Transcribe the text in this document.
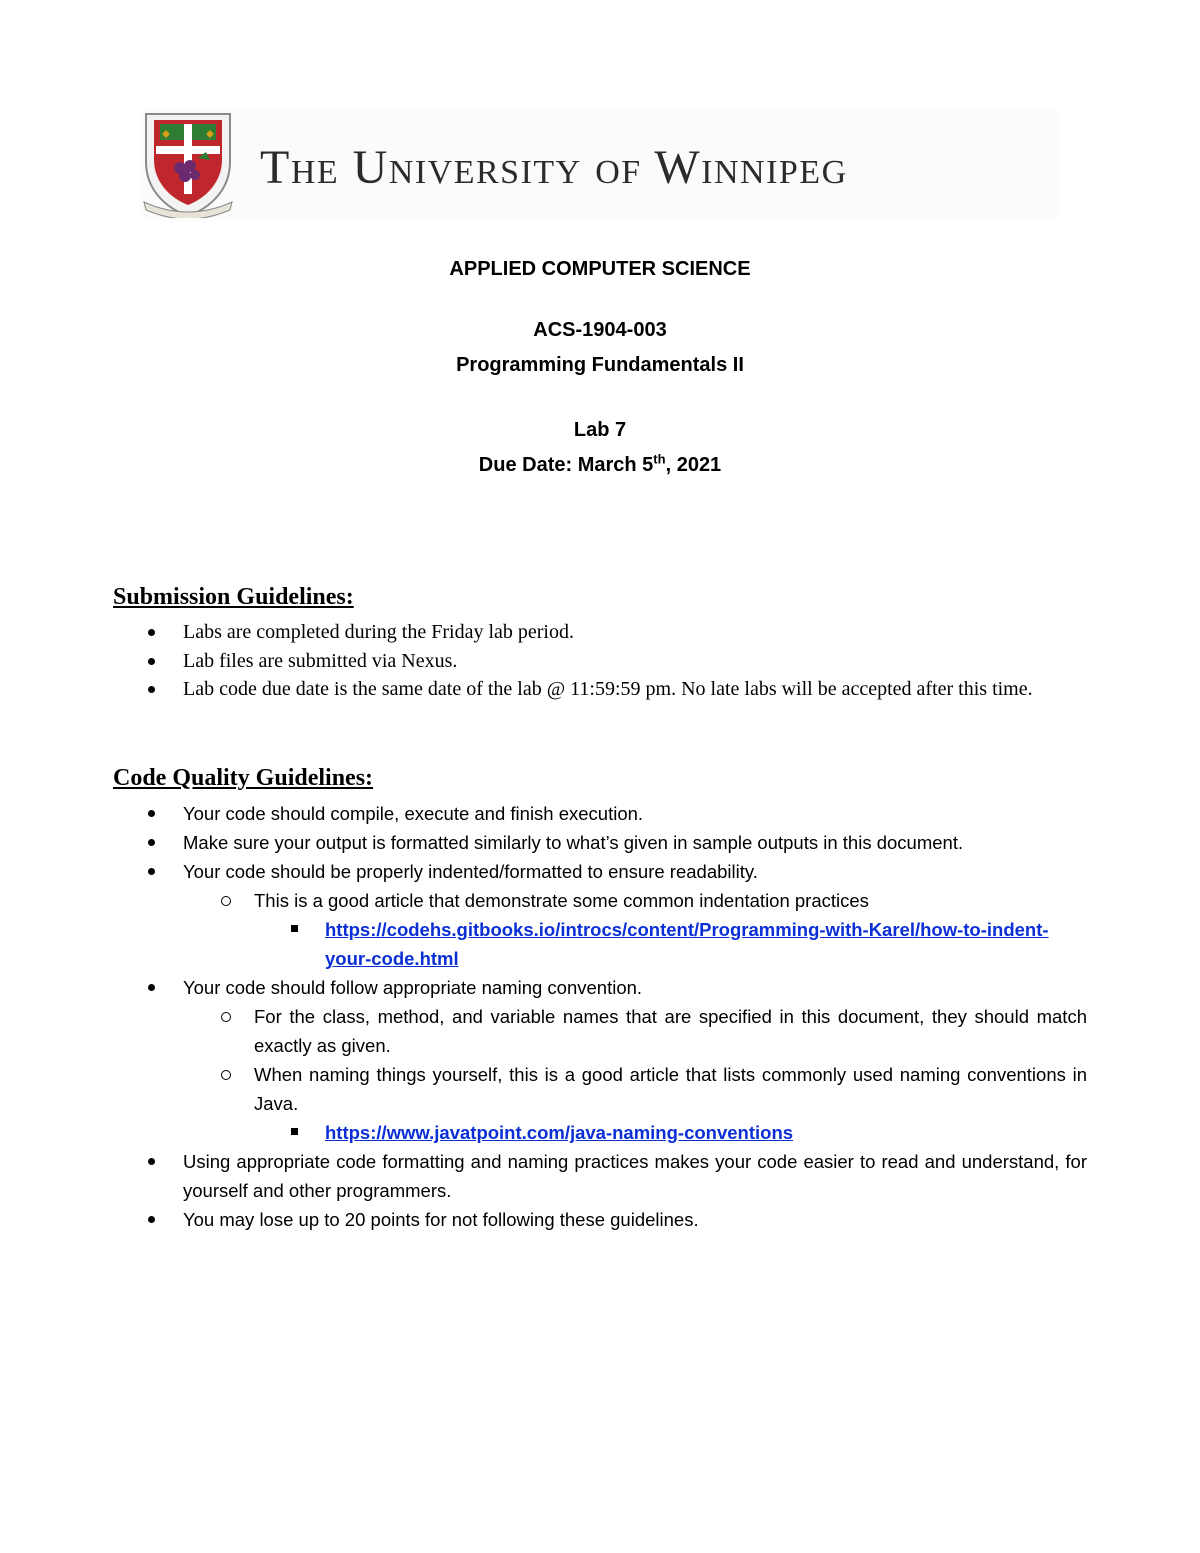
The University of Winnipeg
APPLIED COMPUTER SCIENCE
ACS-1904-003
Programming Fundamentals II
Lab 7
Due Date: March 5th, 2021
Submission Guidelines:
Labs are completed during the Friday lab period.
Lab files are submitted via Nexus.
Lab code due date is the same date of the lab @ 11:59:59 pm. No late labs will be accepted after this time.
Code Quality Guidelines:
Your code should compile, execute and finish execution.
Make sure your output is formatted similarly to what’s given in sample outputs in this document.
Your code should be properly indented/formatted to ensure readability.
This is a good article that demonstrate some common indentation practices
https://codehs.gitbooks.io/introcs/content/Programming-with-Karel/how-to-indent-your-code.html
Your code should follow appropriate naming convention.
For the class, method, and variable names that are specified in this document, they should match exactly as given.
When naming things yourself, this is a good article that lists commonly used naming conventions in Java.
https://www.javatpoint.com/java-naming-conventions
Using appropriate code formatting and naming practices makes your code easier to read and understand, for yourself and other programmers.
You may lose up to 20 points for not following these guidelines.
